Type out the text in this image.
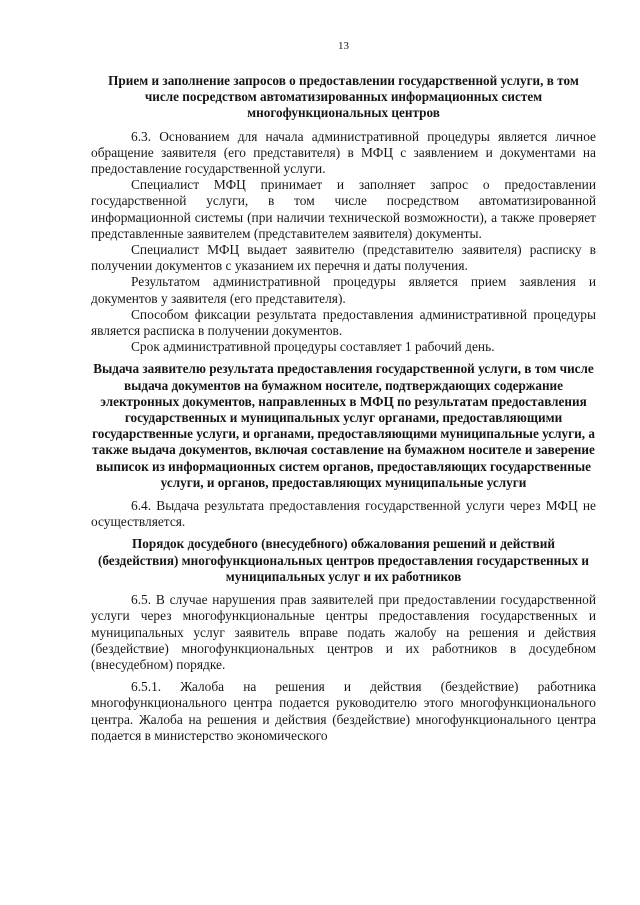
13
Прием и заполнение запросов о предоставлении государственной услуги, в том числе посредством автоматизированных информационных систем многофункциональных центров

6.3. Основанием для начала административной процедуры является личное обращение заявителя (его представителя) в МФЦ с заявлением и документами на предоставление государственной услуги.

Специалист МФЦ принимает и заполняет запрос о предоставлении государственной услуги, в том числе посредством автоматизированной информационной системы (при наличии технической возможности), а также проверяет представленные заявителем (представителем заявителя) документы.

Специалист МФЦ выдает заявителю (представителю заявителя) расписку в получении документов с указанием их перечня и даты получения.

Результатом административной процедуры является прием заявления и документов у заявителя (его представителя).

Способом фиксации результата предоставления административной процедуры является расписка в получении документов.

Срок административной процедуры составляет 1 рабочий день.

Выдача заявителю результата предоставления государственной услуги, в том числе выдача документов на бумажном носителе, подтверждающих содержание электронных документов, направленных в МФЦ по результатам предоставления государственных и муниципальных услуг органами, предоставляющими государственные услуги, и органами, предоставляющими муниципальные услуги, а также выдача документов, включая составление на бумажном носителе и заверение выписок из информационных систем органов, предоставляющих государственные услуги, и органов, предоставляющих муниципальные услуги

6.4. Выдача результата предоставления государственной услуги через МФЦ не осуществляется.

Порядок досудебного (внесудебного) обжалования решений и действий (бездействия) многофункциональных центров предоставления государственных и муниципальных услуг и их работников

6.5. В случае нарушения прав заявителей при предоставлении государственной услуги через многофункциональные центры предоставления государственных и муниципальных услуг заявитель вправе подать жалобу на решения и действия (бездействие) многофункциональных центров и их работников в досудебном (внесудебном) порядке.

6.5.1. Жалоба на решения и действия (бездействие) работника многофункционального центра подается руководителю этого многофункционального центра. Жалоба на решения и действия (бездействие) многофункционального центра подается в министерство экономического
